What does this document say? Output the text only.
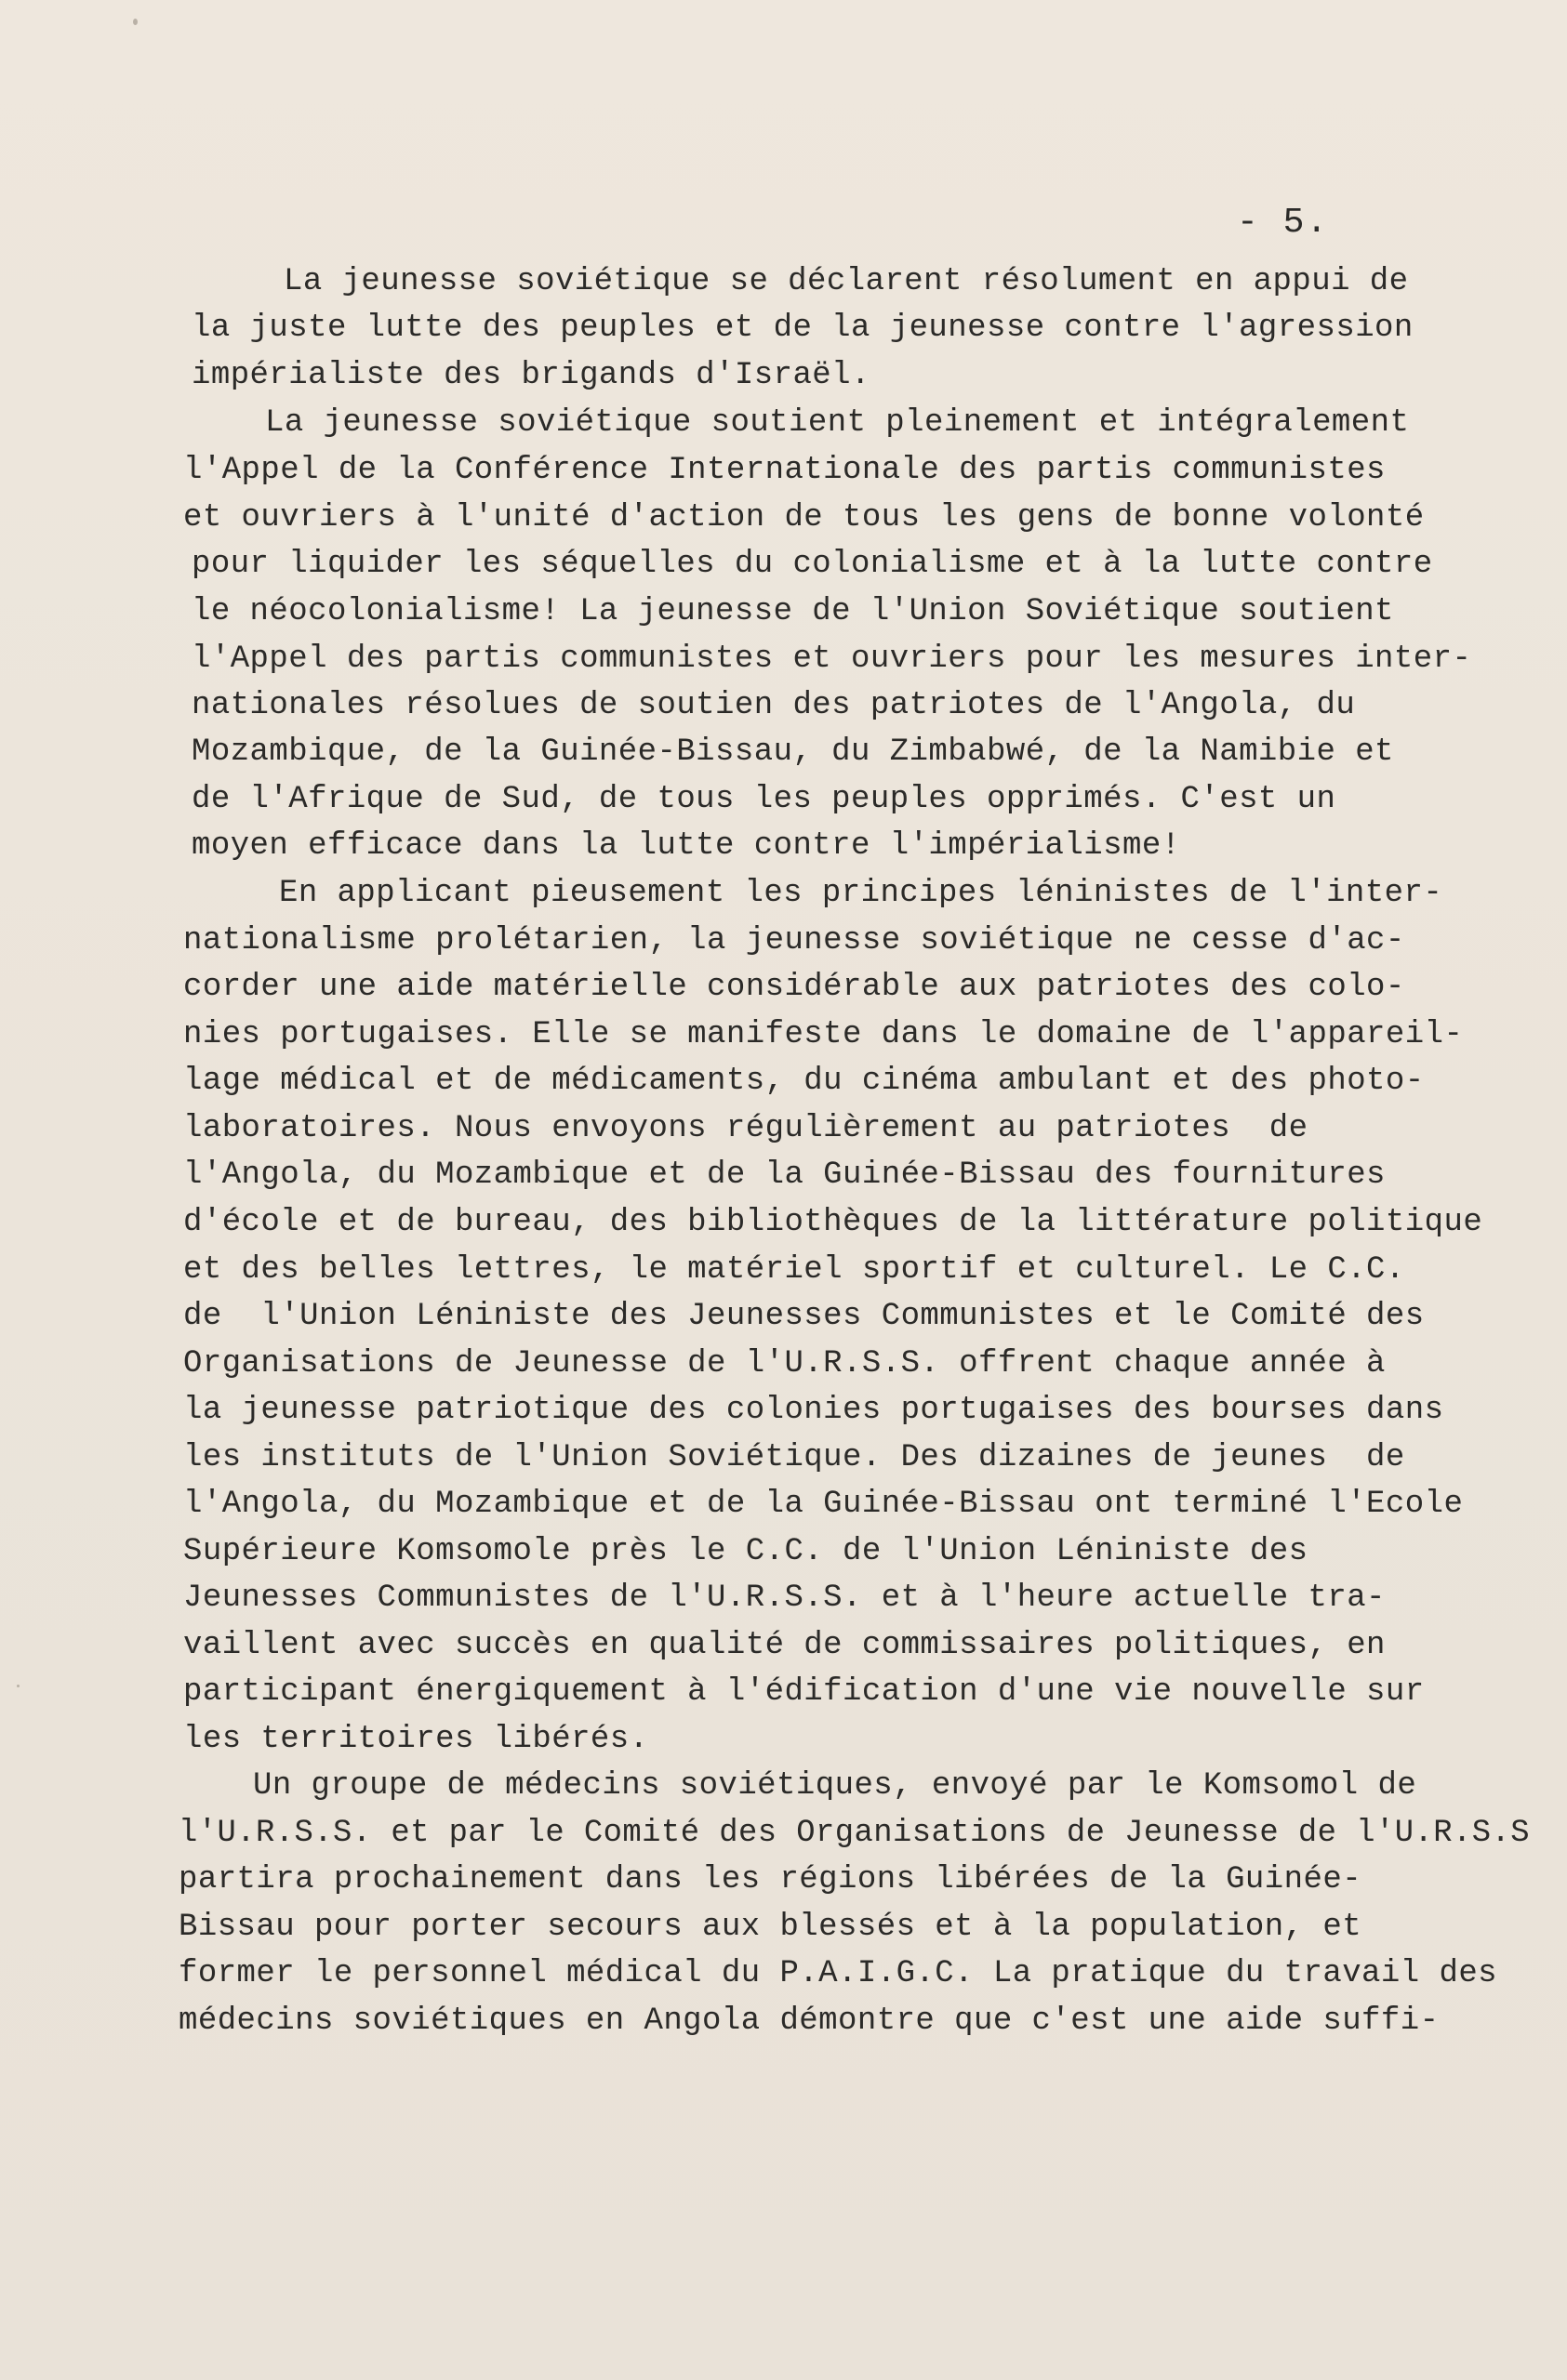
- 5.

La jeunesse soviétique se déclarent résolument en appui de

la juste lutte des peuples et de la jeunesse contre l'agression

impérialiste des brigands d'Israël.

La jeunesse soviétique soutient pleinement et intégralement

l'Appel de la Conférence Internationale des partis communistes

et ouvriers à l'unité d'action de tous les gens de bonne volonté

pour liquider les séquelles du colonialisme et à la lutte contre

le néocolonialisme! La jeunesse de l'Union Soviétique soutient

l'Appel des partis communistes et ouvriers pour les mesures inter-

nationales résolues de soutien des patriotes de l'Angola, du

Mozambique, de la Guinée-Bissau, du Zimbabwé, de la Namibie et

de l'Afrique de Sud, de tous les peuples opprimés. C'est un

moyen efficace dans la lutte contre l'impérialisme!

En applicant pieusement les principes léninistes de l'inter-

nationalisme prolétarien, la jeunesse soviétique ne cesse d'ac-

corder une aide matérielle considérable aux patriotes des colo-

nies portugaises. Elle se manifeste dans le domaine de l'appareil-

lage médical et de médicaments, du cinéma ambulant et des photo-

laboratoires. Nous envoyons régulièrement au patriotes  de

l'Angola, du Mozambique et de la Guinée-Bissau des fournitures

d'école et de bureau, des bibliothèques de la littérature politique

et des belles lettres, le matériel sportif et culturel. Le C.C.

de  l'Union Léniniste des Jeunesses Communistes et le Comité des

Organisations de Jeunesse de l'U.R.S.S. offrent chaque année à

la jeunesse patriotique des colonies portugaises des bourses dans

les instituts de l'Union Soviétique. Des dizaines de jeunes  de

l'Angola, du Mozambique et de la Guinée-Bissau ont terminé l'Ecole

Supérieure Komsomole près le C.C. de l'Union Léniniste des

Jeunesses Communistes de l'U.R.S.S. et à l'heure actuelle tra-

vaillent avec succès en qualité de commissaires politiques, en

participant énergiquement à l'édification d'une vie nouvelle sur

les territoires libérés.

Un groupe de médecins soviétiques, envoyé par le Komsomol de

l'U.R.S.S. et par le Comité des Organisations de Jeunesse de l'U.R.S.S

partira prochainement dans les régions libérées de la Guinée-

Bissau pour porter secours aux blessés et à la population, et

former le personnel médical du P.A.I.G.C. La pratique du travail des

médecins soviétiques en Angola démontre que c'est une aide suffi-
